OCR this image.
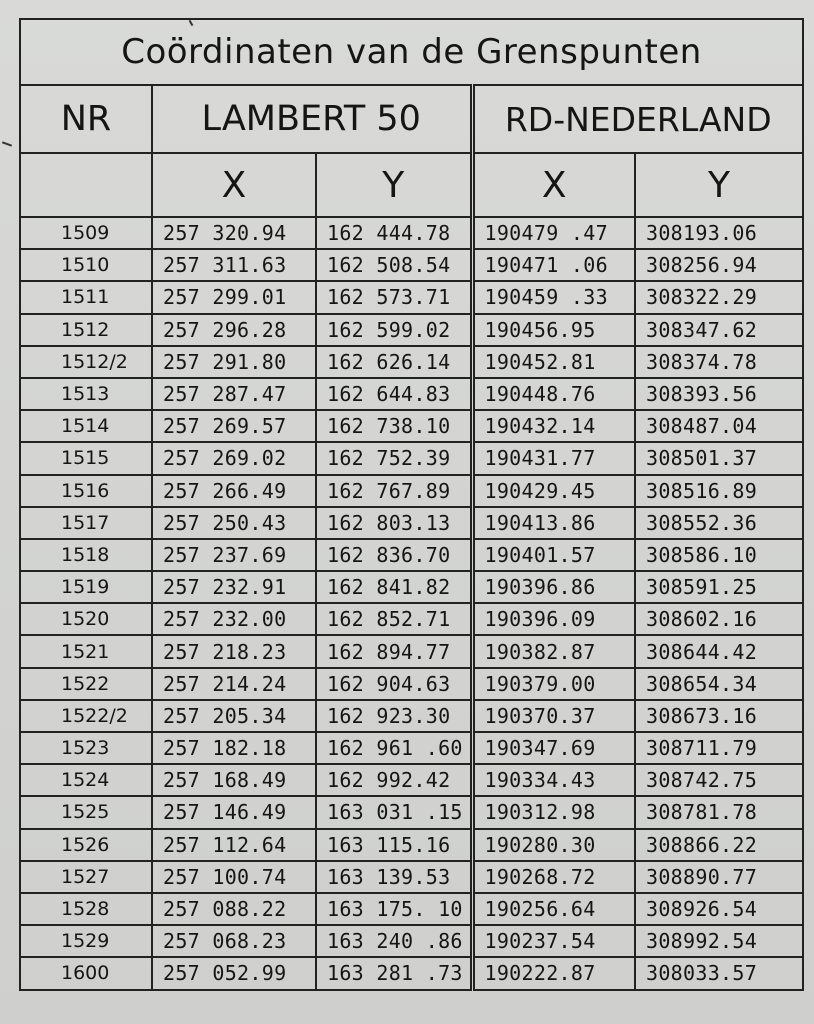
Coördinaten van de Grenspunten				
NR	LAMBERT 50		RD-NEDERLAND	
	X	Y	X	Y
1509	257 320.94	162 444.78	190479 .47	308193.06
1510	257 311.63	162 508.54	190471 .06	308256.94
1511	257 299.01	162 573.71	190459 .33	308322.29
1512	257 296.28	162 599.02	190456.95	308347.62
1512/2	257 291.80	162 626.14	190452.81	308374.78
1513	257 287.47	162 644.83	190448.76	308393.56
1514	257 269.57	162 738.10	190432.14	308487.04
1515	257 269.02	162 752.39	190431.77	308501.37
1516	257 266.49	162 767.89	190429.45	308516.89
1517	257 250.43	162 803.13	190413.86	308552.36
1518	257 237.69	162 836.70	190401.57	308586.10
1519	257 232.91	162 841.82	190396.86	308591.25
1520	257 232.00	162 852.71	190396.09	308602.16
1521	257 218.23	162 894.77	190382.87	308644.42
1522	257 214.24	162 904.63	190379.00	308654.34
1522/2	257 205.34	162 923.30	190370.37	308673.16
1523	257 182.18	162 961 .60	190347.69	308711.79
1524	257 168.49	162 992.42	190334.43	308742.75
1525	257 146.49	163 031 .15	190312.98	308781.78
1526	257 112.64	163 115.16	190280.30	308866.22
1527	257 100.74	163 139.53	190268.72	308890.77
1528	257 088.22	163 175. 10	190256.64	308926.54
1529	257 068.23	163 240 .86	190237.54	308992.54
1600	257 052.99	163 281 .73	190222.87	308033.57
